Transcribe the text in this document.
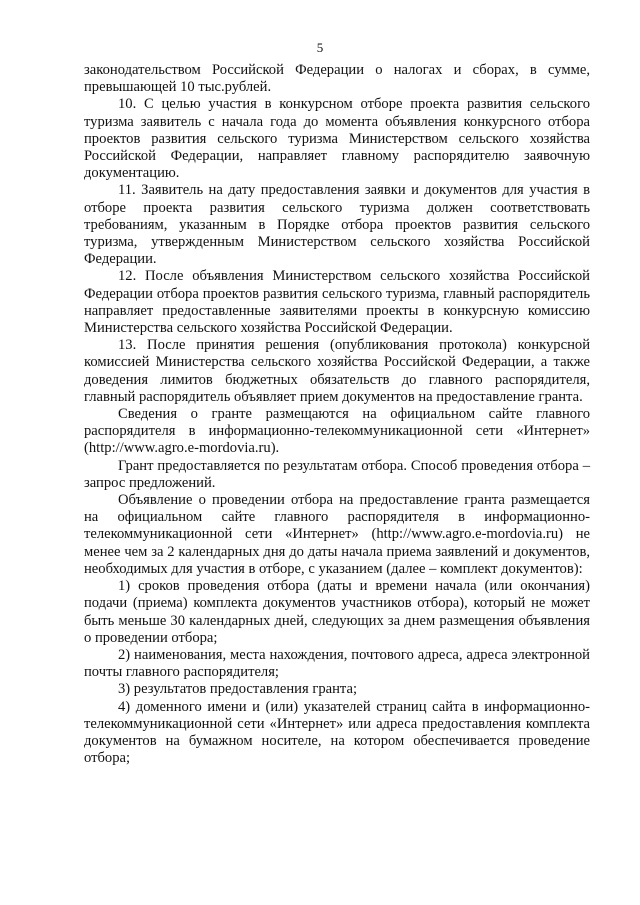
5

законодательством Российской Федерации о налогах и сборах, в сумме, превышающей 10 тыс.рублей.

10. С целью участия в конкурсном отборе проекта развития сельского туризма заявитель с начала года до момента объявления конкурсного отбора проектов развития сельского туризма Министерством сельского хозяйства Российской Федерации, направляет главному распорядителю заявочную документацию.

11. Заявитель на дату предоставления заявки и документов для участия в отборе проекта развития сельского туризма должен соответствовать требованиям, указанным в Порядке отбора проектов развития сельского туризма, утвержденным Министерством сельского хозяйства Российской Федерации.

12. После объявления Министерством сельского хозяйства Российской Федерации отбора проектов развития сельского туризма, главный распорядитель направляет предоставленные заявителями проекты в конкурсную комиссию Министерства сельского хозяйства Российской Федерации.

13. После принятия решения (опубликования протокола) конкурсной комиссией Министерства сельского хозяйства Российской Федерации, а также доведения лимитов бюджетных обязательств до главного распорядителя, главный распорядитель объявляет прием документов на предоставление гранта.

Сведения о гранте размещаются на официальном сайте главного распорядителя в информационно-телекоммуникационной сети «Интернет» (http://www.agro.e-mordovia.ru).

Грант предоставляется по результатам отбора. Способ проведения отбора – запрос предложений.

Объявление о проведении отбора на предоставление гранта размещается на официальном сайте главного распорядителя в информационно-телекоммуникационной сети «Интернет» (http://www.agro.e-mordovia.ru) не менее чем за 2 календарных дня до даты начала приема заявлений и документов, необходимых для участия в отборе, с указанием (далее – комплект документов):

1) сроков проведения отбора (даты и времени начала (или окончания) подачи (приема) комплекта документов участников отбора), который не может быть меньше 30 календарных дней, следующих за днем размещения объявления о проведении отбора;

2) наименования, места нахождения, почтового адреса, адреса электронной почты главного распорядителя;

3) результатов предоставления гранта;

4) доменного имени и (или) указателей страниц сайта в информационно-телекоммуникационной сети «Интернет» или адреса предоставления комплекта документов на бумажном носителе, на котором обеспечивается проведение отбора;
